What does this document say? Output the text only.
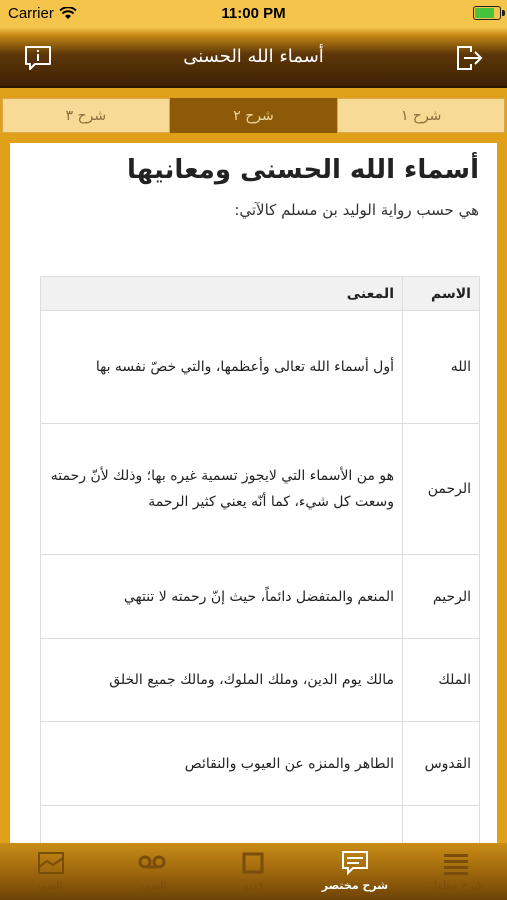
Carrier	11:00 PM
أسماء الله الحسنى
شرح ٣	شرح ٢	شرح ١
أسماء الله الحسنى ومعانيها
هي حسب رواية الوليد بن مسلم كالآتي:
الاسم	المعنى
الله	أول أسماء الله تعالى وأعظمها، والتي خصّ نفسه بها
الرحمن	هو من الأسماء التي لايجوز تسمية غيره بها؛ وذلك لأنّ رحمته وسعت كل شيء، كما أنّه يعني كثير الرحمة
الرحيم	المنعم والمتفضل دائماً، حيث إنّ رحمته لا تنتهي
الملك	مالك يوم الدين، وملك الملوك، ومالك جميع الخلق
القدوس	الطاهر والمنزه عن العيوب والنقائص

شرح مطول
شرح مختصر
فديو
بالصوت
بالصور
